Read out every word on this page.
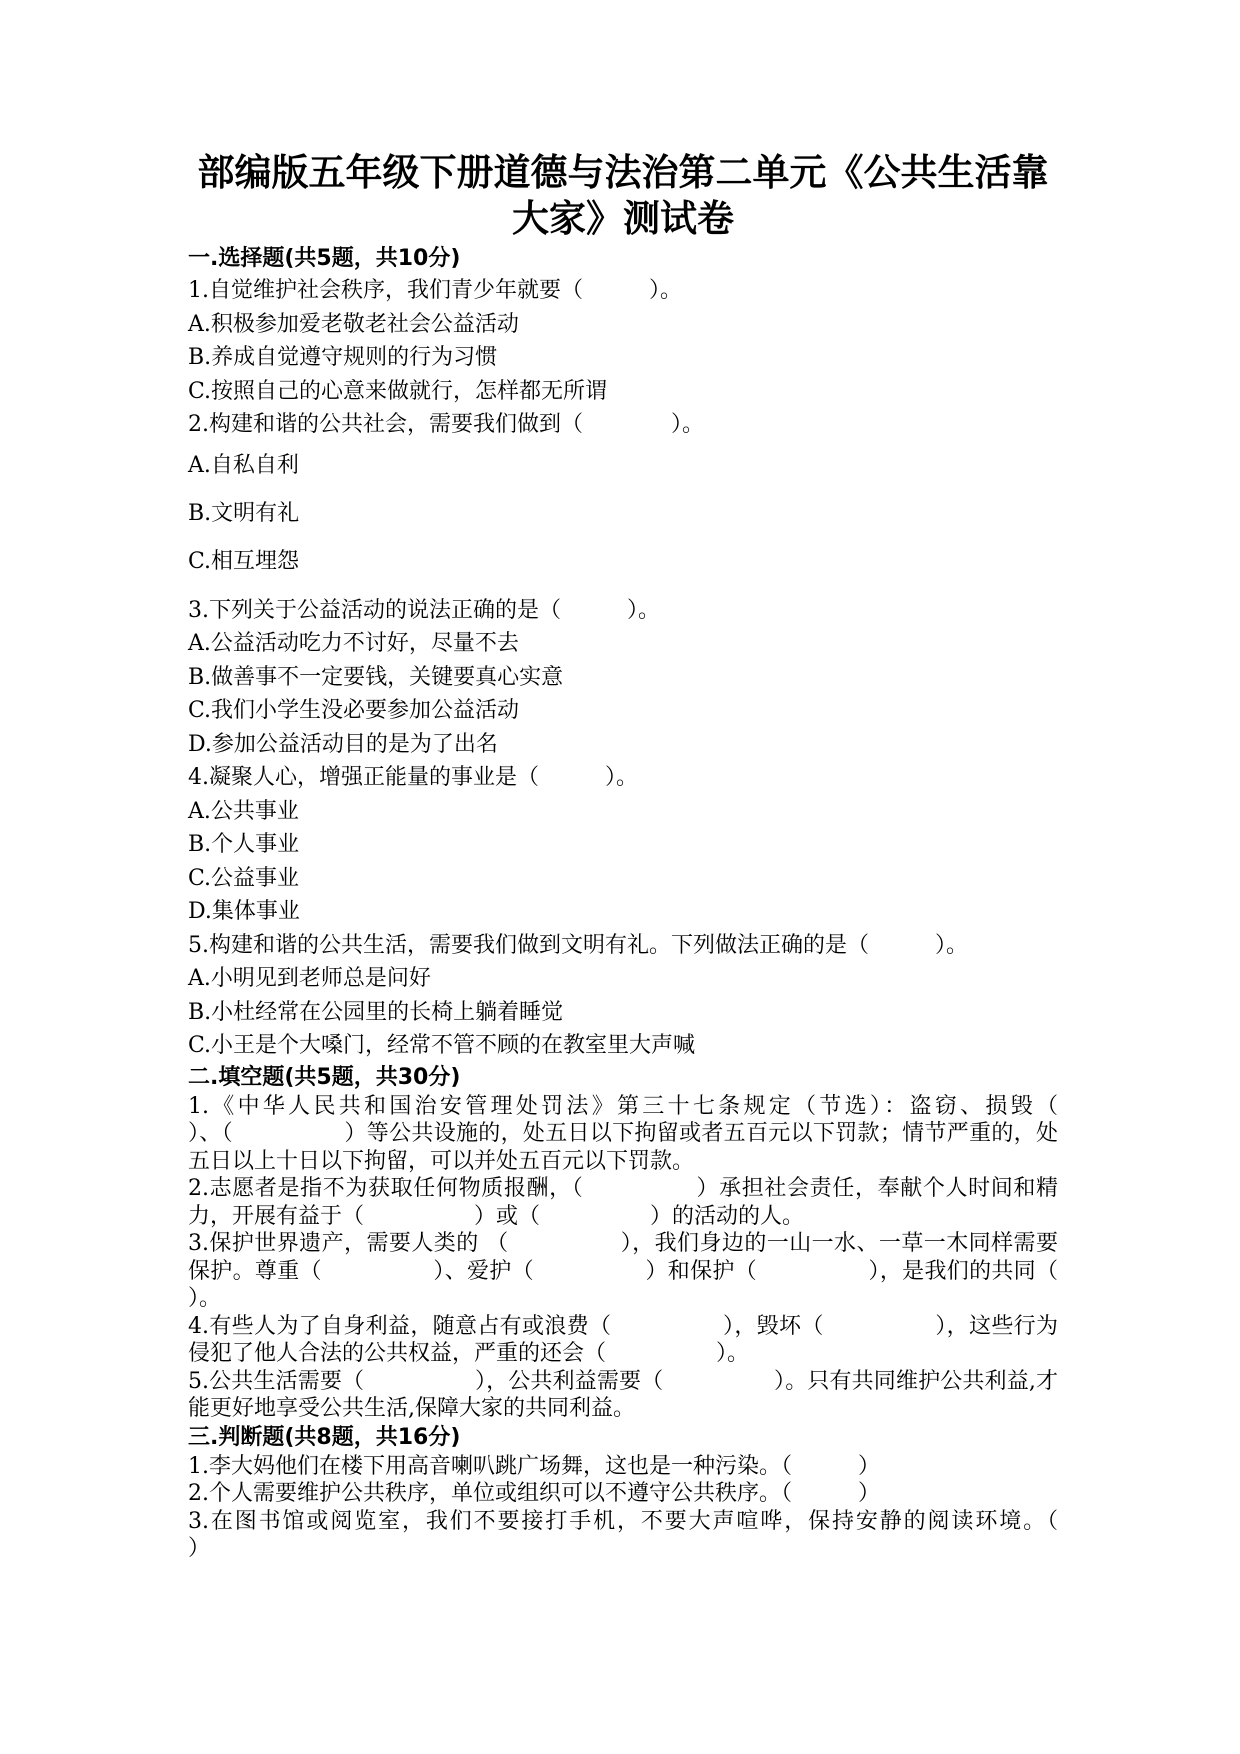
部编版五年级下册道德与法治第二单元《公共生活靠
大家》测试卷
一.选择题(共5题，共10分)
1.自觉维护社会秩序，我们青少年就要（　　　）。
A.积极参加爱老敬老社会公益活动
B.养成自觉遵守规则的行为习惯
C.按照自己的心意来做就行，怎样都无所谓
2.构建和谐的公共社会，需要我们做到（　　　　）。
A.自私自利
B.文明有礼
C.相互埋怨
3.下列关于公益活动的说法正确的是（　　　）。
A.公益活动吃力不讨好，尽量不去
B.做善事不一定要钱，关键要真心实意
C.我们小学生没必要参加公益活动
D.参加公益活动目的是为了出名
4.凝聚人心，增强正能量的事业是（　　　）。
A.公共事业
B.个人事业
C.公益事业
D.集体事业
5.构建和谐的公共生活，需要我们做到文明有礼。下列做法正确的是（　　　）。
A.小明见到老师总是问好
B.小杜经常在公园里的长椅上躺着睡觉
C.小王是个大嗓门，经常不管不顾的在教室里大声喊
二.填空题(共5题，共30分)
1.《中华人民共和国治安管理处罚法》第三十七条规定（节选）：盗窃、损毁（　　　　　）、（　　　　　）等公共设施的，处五日以下拘留或者五百元以下罚款；情节严重的，处五日以上十日以下拘留，可以并处五百元以下罚款。
2.志愿者是指不为获取任何物质报酬，（　　　　　）承担社会责任，奉献个人时间和精力，开展有益于（　　　　　）或（　　　　　）的活动的人。
3.保护世界遗产，需要人类的 （　　　　　），我们身边的一山一水、一草一木同样需要保护。尊重（　　　　　）、爱护（　　　　　）和保护（　　　　　），是我们的共同（　　　　　）。
4.有些人为了自身利益，随意占有或浪费（　　　　　），毁坏（　　　　　），这些行为侵犯了他人合法的公共权益，严重的还会（　　　　　）。
5.公共生活需要（　　　　　），公共利益需要（　　　　　）。只有共同维护公共利益,才能更好地享受公共生活,保障大家的共同利益。
三.判断题(共8题，共16分)
1.李大妈他们在楼下用高音喇叭跳广场舞，这也是一种污染。（　　　）
2.个人需要维护公共秩序，单位或组织可以不遵守公共秩序。（　　　）
3.在图书馆或阅览室，我们不要接打手机，不要大声喧哗，保持安静的阅读环境。（　　　）
